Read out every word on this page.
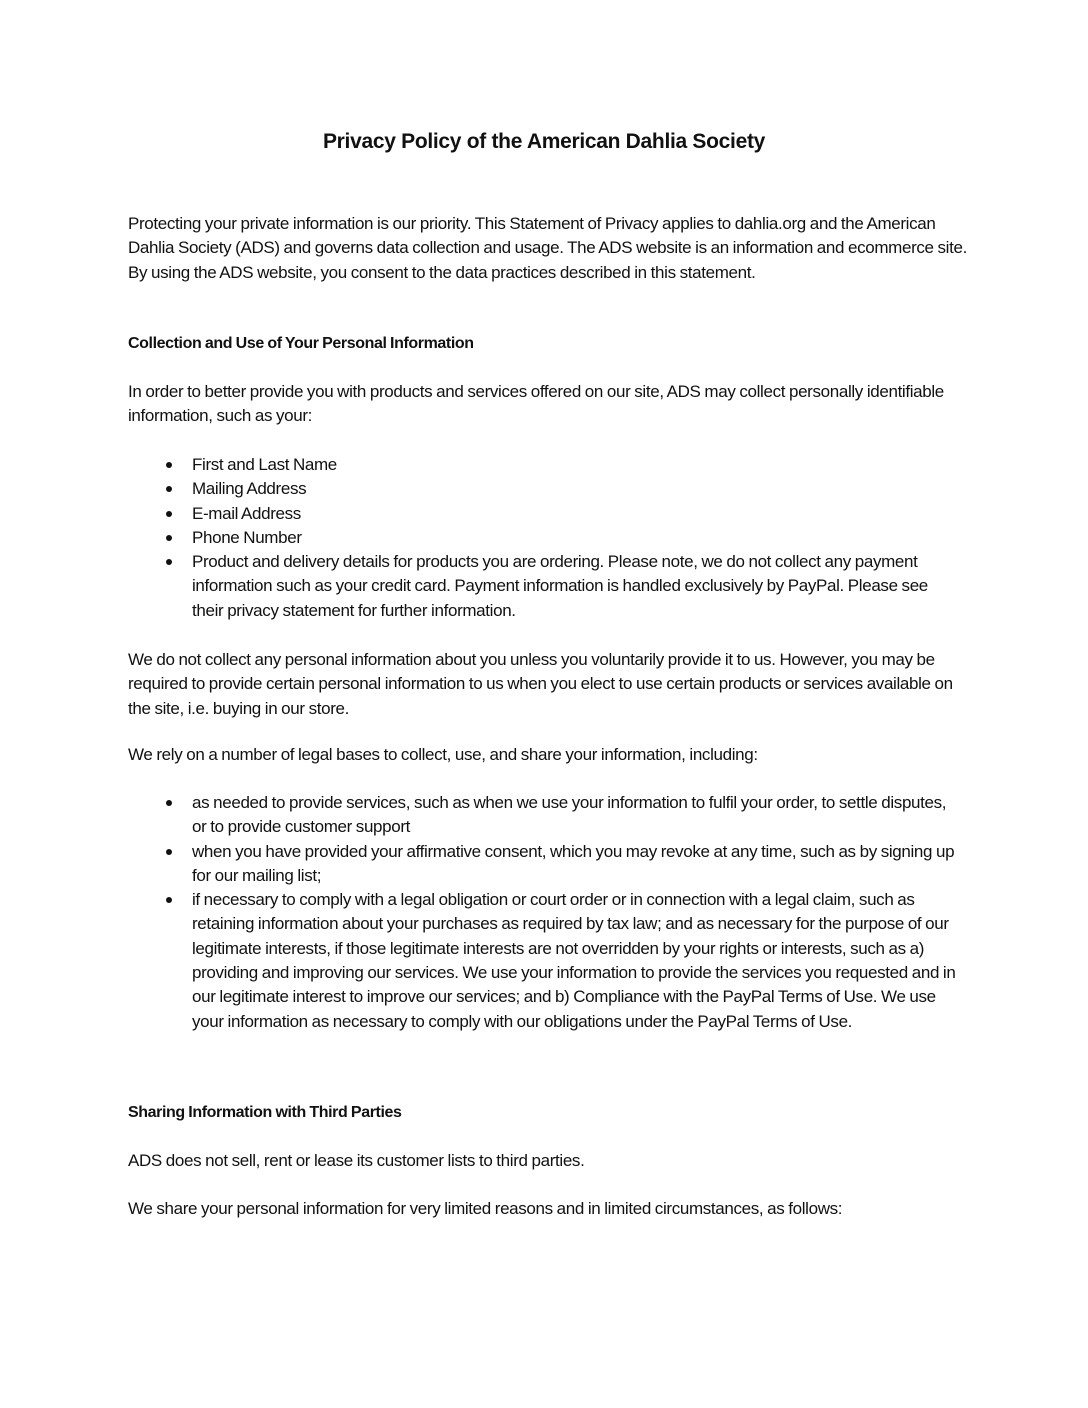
Privacy Policy of the American Dahlia Society
Protecting your private information is our priority. This Statement of Privacy applies to dahlia.org and the American Dahlia Society (ADS) and governs data collection and usage. The ADS website is an information and ecommerce site. By using the ADS website, you consent to the data practices described in this statement.
Collection and Use of Your Personal Information
In order to better provide you with products and services offered on our site, ADS may collect personally identifiable information, such as your:
First and Last Name
Mailing Address
E-mail Address
Phone Number
Product and delivery details for products you are ordering. Please note, we do not collect any payment information such as your credit card. Payment information is handled exclusively by PayPal. Please see their privacy statement for further information.
We do not collect any personal information about you unless you voluntarily provide it to us. However, you may be required to provide certain personal information to us when you elect to use certain products or services available on the site, i.e. buying in our store.
We rely on a number of legal bases to collect, use, and share your information, including:
as needed to provide services, such as when we use your information to fulfil your order, to settle disputes, or to provide customer support
when you have provided your affirmative consent, which you may revoke at any time, such as by signing up for our mailing list;
if necessary to comply with a legal obligation or court order or in connection with a legal claim, such as retaining information about your purchases as required by tax law; and as necessary for the purpose of our legitimate interests, if those legitimate interests are not overridden by your rights or interests, such as a) providing and improving our services. We use your information to provide the services you requested and in our legitimate interest to improve our services; and b) Compliance with the PayPal Terms of Use. We use your information as necessary to comply with our obligations under the PayPal Terms of Use.
Sharing Information with Third Parties
ADS does not sell, rent or lease its customer lists to third parties.
We share your personal information for very limited reasons and in limited circumstances, as follows:
